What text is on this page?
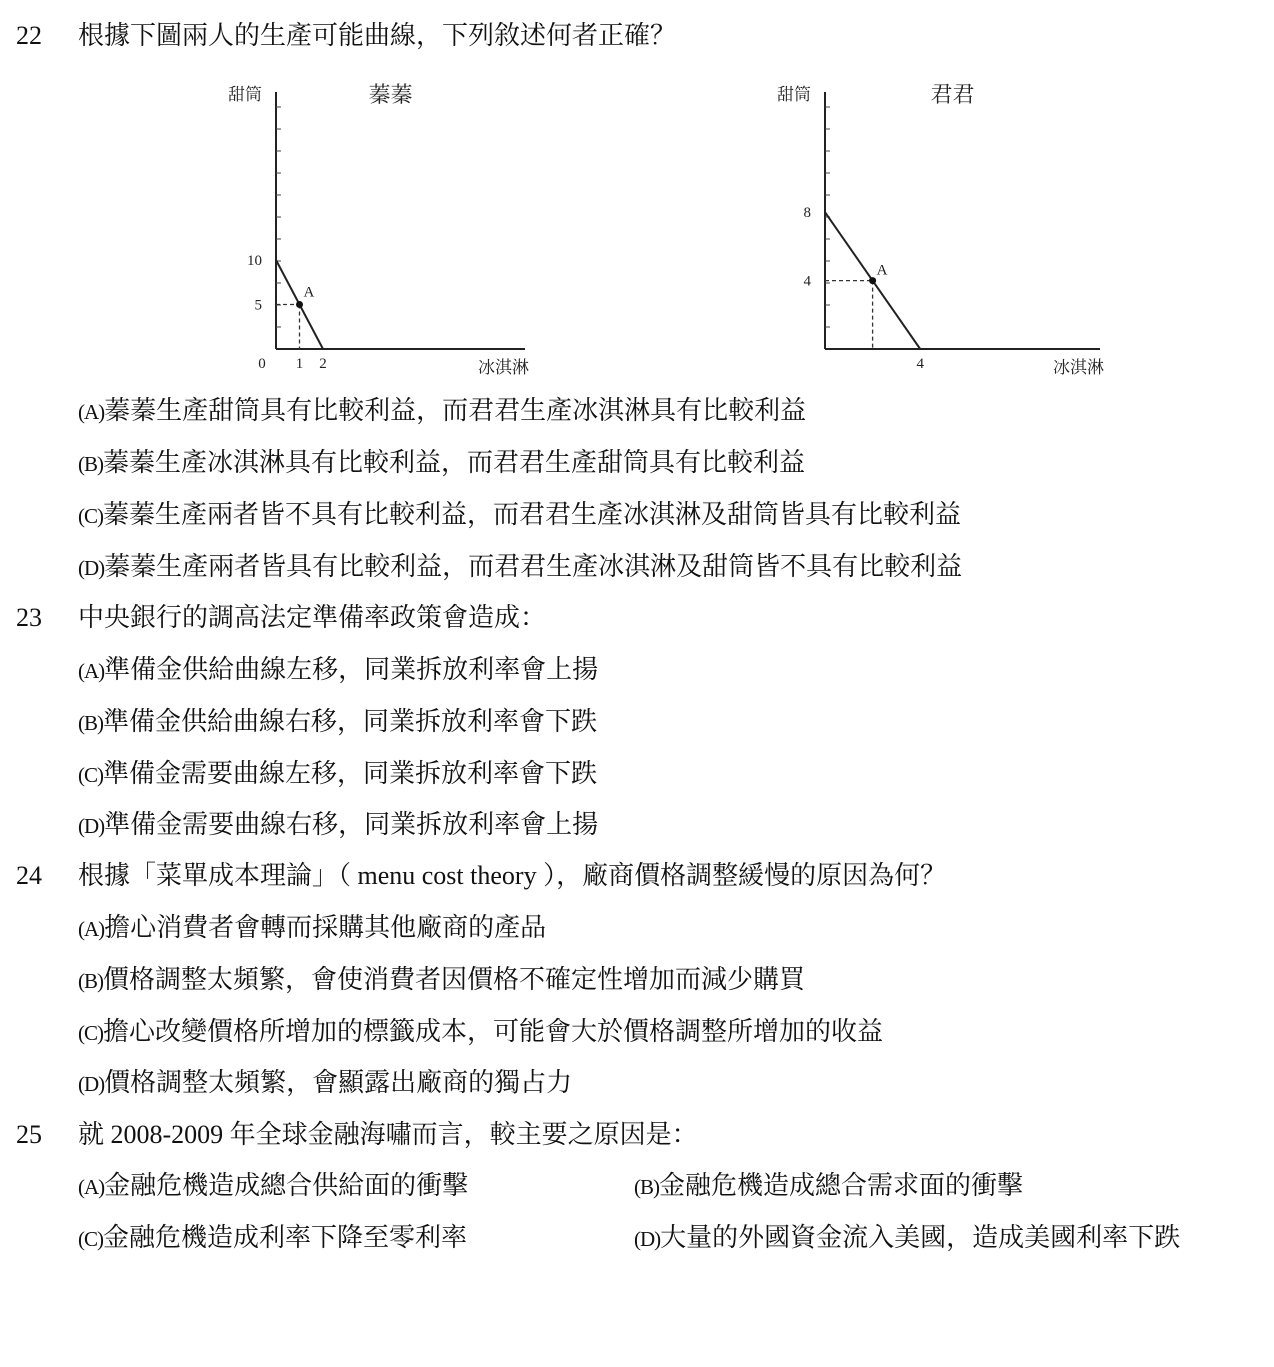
22 根據下圖兩人的生產可能曲線，下列敘述何者正確？
蓁蓁
甜筒
冰淇淋
5
10
0 1 2
A
君君
甜筒
冰淇淋
4
8
4
A
(A)蓁蓁生產甜筒具有比較利益，而君君生產冰淇淋具有比較利益
(B)蓁蓁生產冰淇淋具有比較利益，而君君生產甜筒具有比較利益
(C)蓁蓁生產兩者皆不具有比較利益，而君君生產冰淇淋及甜筒皆具有比較利益
(D)蓁蓁生產兩者皆具有比較利益，而君君生產冰淇淋及甜筒皆不具有比較利益
23 中央銀行的調高法定準備率政策會造成：
(A)準備金供給曲線左移，同業拆放利率會上揚
(B)準備金供給曲線右移，同業拆放利率會下跌
(C)準備金需要曲線左移，同業拆放利率會下跌
(D)準備金需要曲線右移，同業拆放利率會上揚
24 根據「菜單成本理論」（ menu cost theory ），廠商價格調整緩慢的原因為何？
(A)擔心消費者會轉而採購其他廠商的產品
(B)價格調整太頻繁，會使消費者因價格不確定性增加而減少購買
(C)擔心改變價格所增加的標籤成本，可能會大於價格調整所增加的收益
(D)價格調整太頻繁，會顯露出廠商的獨占力
25 就 2008-2009 年全球金融海嘯而言，較主要之原因是：
(A)金融危機造成總合供給面的衝擊	(B)金融危機造成總合需求面的衝擊
(C)金融危機造成利率下降至零利率	(D)大量的外國資金流入美國，造成美國利率下跌
